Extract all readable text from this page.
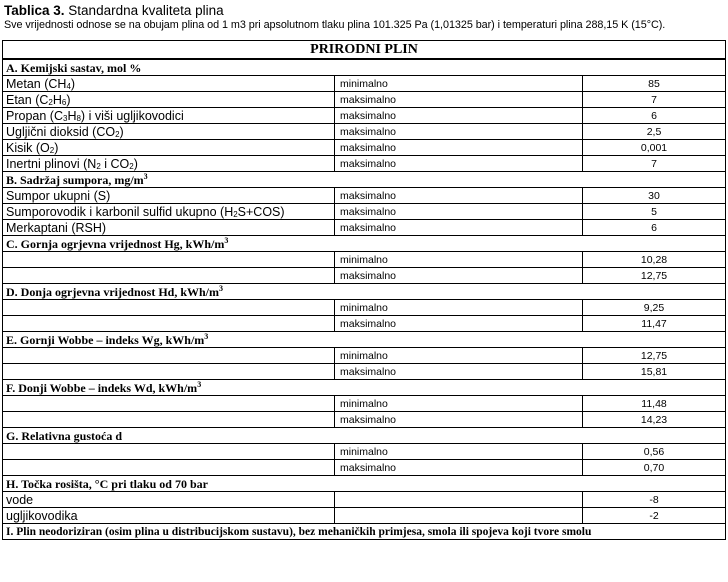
Tablica 3. Standardna kvaliteta plina
Sve vrijednosti odnose se na obujam plina od 1 m3 pri apsolutnom tlaku plina 101.325 Pa (1,01325 bar) i temperaturi plina 288,15 K (15°C).
PRIRODNI PLIN		
A. Kemijski sastav, mol %		
Metan $(CH_4)$	minimalno	85
Etan $(C_2H_6)$	maksimalno	7
Propan $(C_3H_8)$ i viši ugljikovodici	maksimalno	6
Ugljični dioksid $(CO_2)$	maksimalno	2,5
Kisik $(O_2)$	maksimalno	0,001
Inertni plinovi ($N_2$ i $CO_2$)	maksimalno	7
B. Sadržaj sumpora, $mg/m^3$
Sumpor ukupni (S)	maksimalno	30
Sumporovodik i karbonil sulfid ukupno $(H_2S+COS)$	maksimalno	5
Merkaptani (RSH)	maksimalno	6
C. Gornja ogrjevna vrijednost Hg, kWh/$m^3$
	minimalno	10,28
	maksimalno	12,75
D. Donja ogrjevna vrijednost Hd, kWh/$m^3$
	minimalno	9,25
	maksimalno	11,47
E. Gornji Wobbe – indeks Wg, kWh/$m^3$
	minimalno	12,75
	maksimalno	15,81
F. Donji Wobbe – indeks Wd, kWh/$m^3$
	minimalno	11,48
	maksimalno	14,23
G. Relativna gustoća d		
	minimalno	0,56
	maksimalno	0,70
H. Točka rosišta, °C pri tlaku od 70 bar		
vode		-8
ugljikovodika		-2
I. Plin neodoriziran (osim plina u distribucijskom sustavu), bez mehaničkih primjesa, smola ili spojeva koji tvore smolu		
